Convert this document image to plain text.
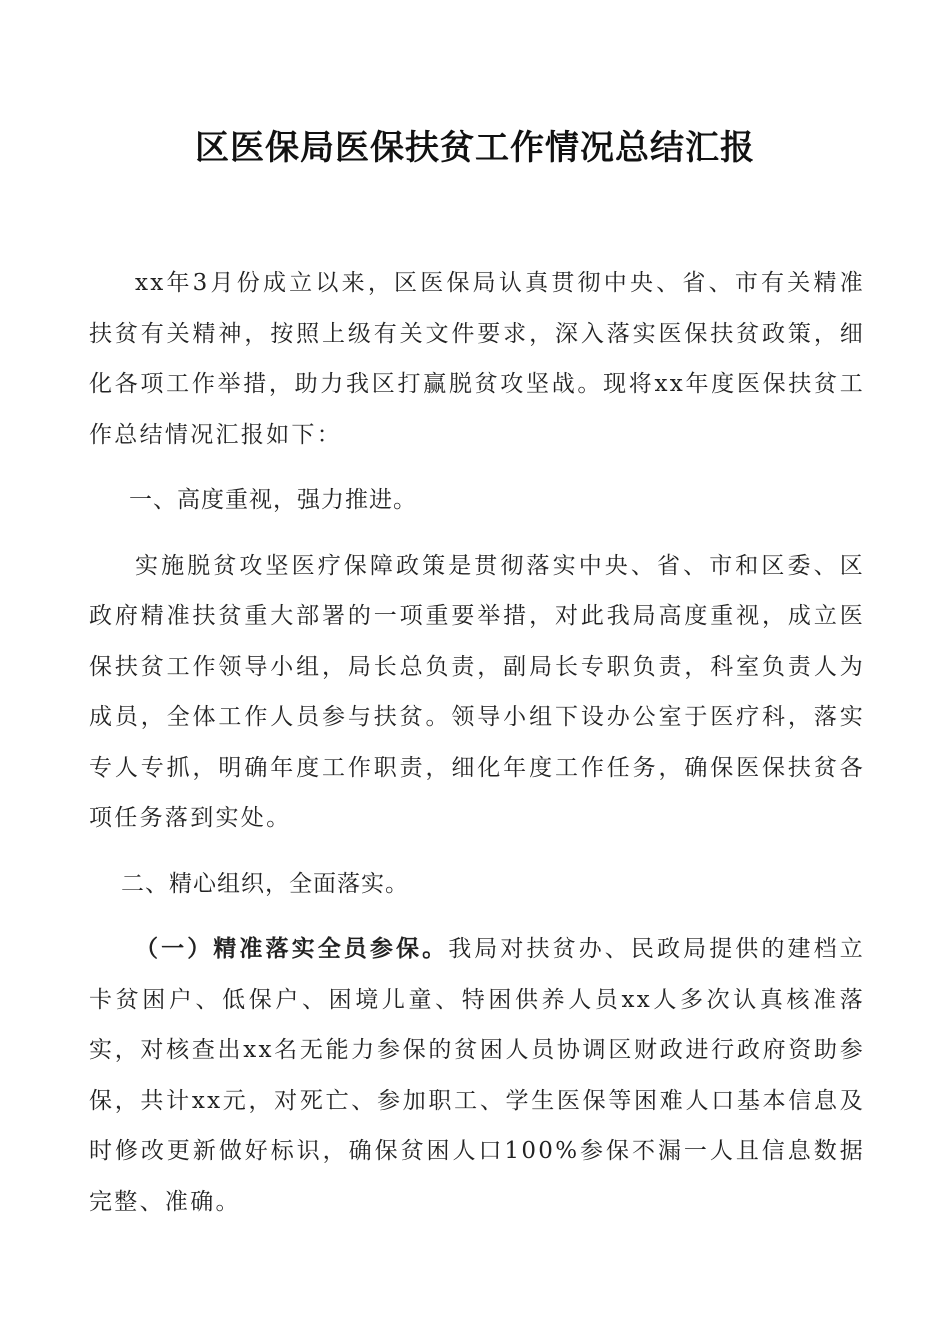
区医保局医保扶贫工作情况总结汇报

xx年3月份成立以来，区医保局认真贯彻中央、省、市有关精准扶贫有关精神，按照上级有关文件要求，深入落实医保扶贫政策，细化各项工作举措，助力我区打赢脱贫攻坚战。现将xx年度医保扶贫工作总结情况汇报如下：

一、高度重视，强力推进。

实施脱贫攻坚医疗保障政策是贯彻落实中央、省、市和区委、区政府精准扶贫重大部署的一项重要举措，对此我局高度重视，成立医保扶贫工作领导小组，局长总负责，副局长专职负责，科室负责人为成员，全体工作人员参与扶贫。领导小组下设办公室于医疗科，落实专人专抓，明确年度工作职责，细化年度工作任务，确保医保扶贫各项任务落到实处。

二、精心组织，全面落实。

（一）精准落实全员参保。我局对扶贫办、民政局提供的建档立卡贫困户、低保户、困境儿童、特困供养人员xx人多次认真核准落实，对核查出xx名无能力参保的贫困人员协调区财政进行政府资助参保，共计xx元，对死亡、参加职工、学生医保等困难人口基本信息及时修改更新做好标识，确保贫困人口100%参保不漏一人且信息数据完整、准确。
